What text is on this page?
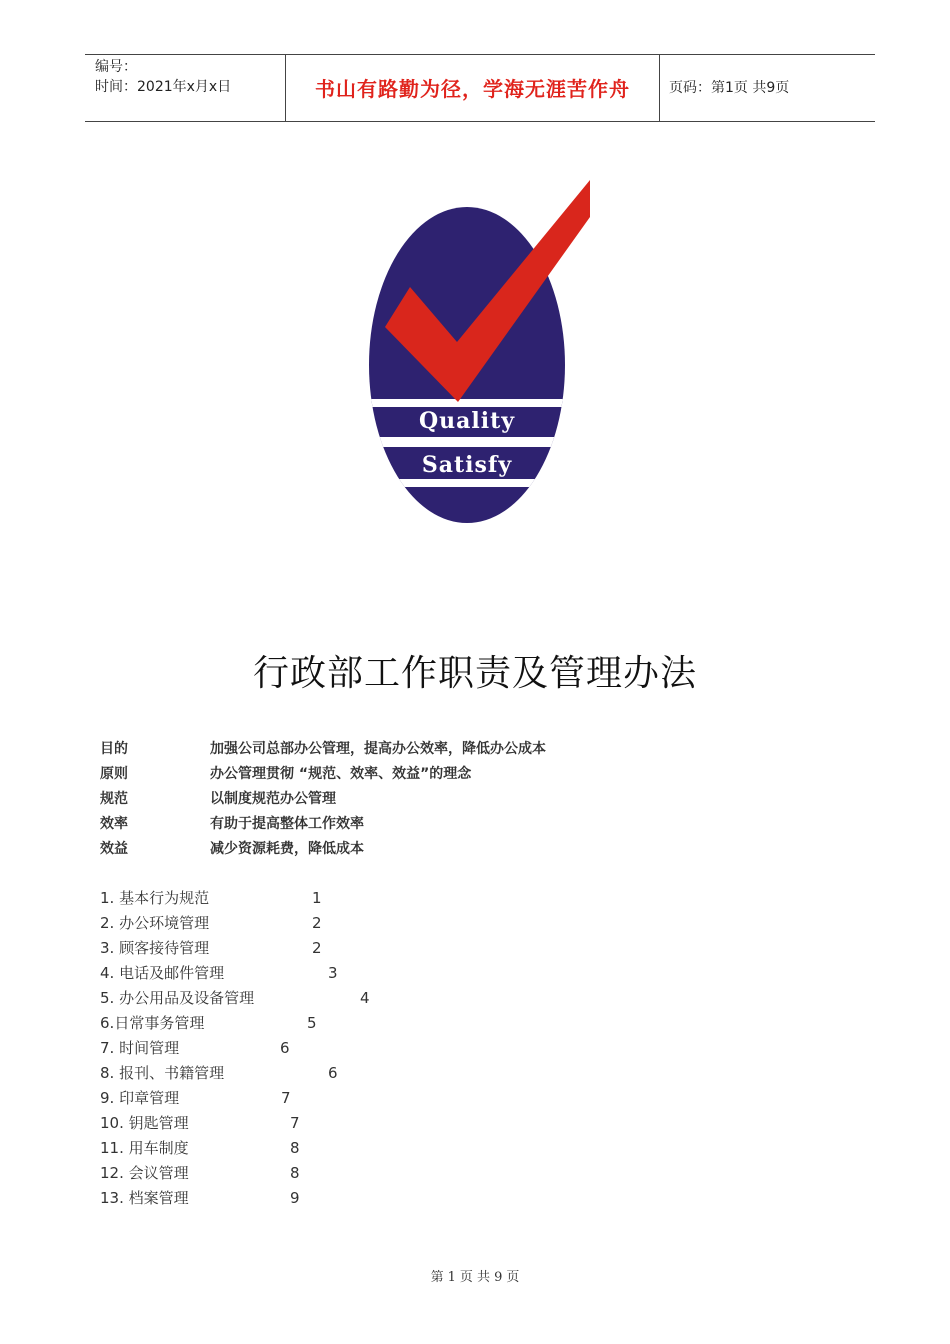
编号：
时间：2021年x月x日	书山有路勤为径，学海无涯苦作舟	页码：第1页 共9页
Quality
Satisfy
行政部工作职责及管理办法
目的	加强公司总部办公管理，提高办公效率，降低办公成本
原则	办公管理贯彻 “规范、效率、效益”的理念
规范	以制度规范办公管理
效率	有助于提高整体工作效率
效益	减少资源耗费，降低成本
1. 基本行为规范	1
2. 办公环境管理	2
3. 顾客接待管理	2
4. 电话及邮件管理	3
5. 办公用品及设备管理	4
6.日常事务管理	5
7. 时间管理	6
8. 报刊、书籍管理	6
9. 印章管理	7
10. 钥匙管理	7
11. 用车制度	8
12. 会议管理	8
13. 档案管理	9
第 1 页 共 9 页
